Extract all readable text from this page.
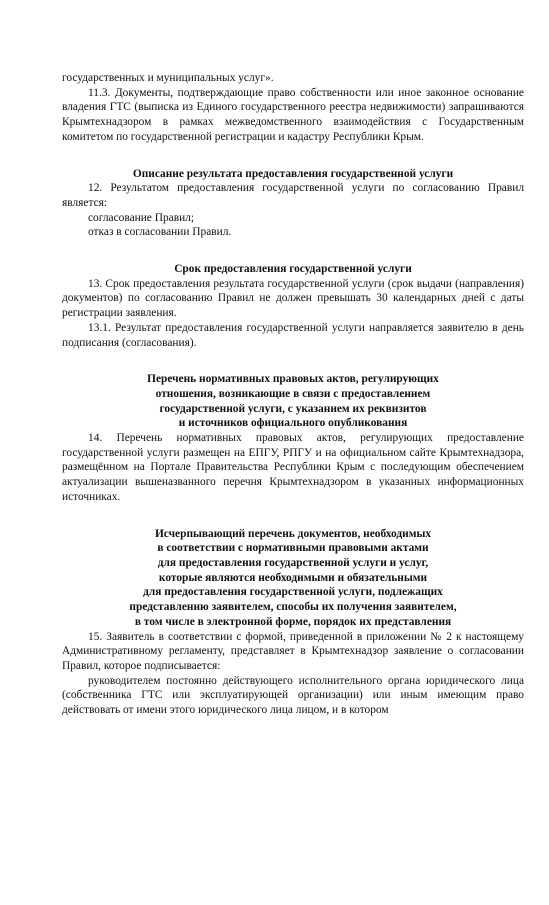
государственных и муниципальных услуг».

11.3. Документы, подтверждающие право собственности или иное законное основание владения ГТС (выписка из Единого государственного реестра недвижимости) запрашиваются Крымтехнадзором в рамках межведомственного взаимодействия с Государственным комитетом по государственной регистрации и кадастру Республики Крым.

Описание результата предоставления государственной услуги

12. Результатом предоставления государственной услуги по согласованию Правил является:

согласование Правил;

отказ в согласовании Правил.

Срок предоставления государственной услуги

13. Срок предоставления результата государственной услуги (срок выдачи (направления) документов) по согласованию Правил не должен превышать 30 календарных дней с даты регистрации заявления.

13.1. Результат предоставления государственной услуги направляется заявителю в день подписания (согласования).

Перечень нормативных правовых актов, регулирующих
отношения, возникающие в связи с предоставлением
государственной услуги, с указанием их реквизитов
и источников официального опубликования

14. Перечень нормативных правовых актов, регулирующих предоставление государственной услуги размещен на ЕПГУ, РПГУ и на официальном сайте Крымтехнадзора, размещённом на Портале Правительства Республики Крым с последующим обеспечением актуализации вышеназванного перечня Крымтехнадзором в указанных информационных источниках.

Исчерпывающий перечень документов, необходимых
в соответствии с нормативными правовыми актами
для предоставления государственной услуги и услуг,
которые являются необходимыми и обязательными
для предоставления государственной услуги, подлежащих
представлению заявителем, способы их получения заявителем,
в том числе в электронной форме, порядок их представления

15. Заявитель в соответствии с формой, приведенной в приложении № 2 к настоящему Административному регламенту, представляет в Крымтехнадзор заявление о согласовании Правил, которое подписывается:

руководителем постоянно действующего исполнительного органа юридического лица (собственника ГТС или эксплуатирующей организации) или иным имеющим право действовать от имени этого юридического лица лицом, и в котором
